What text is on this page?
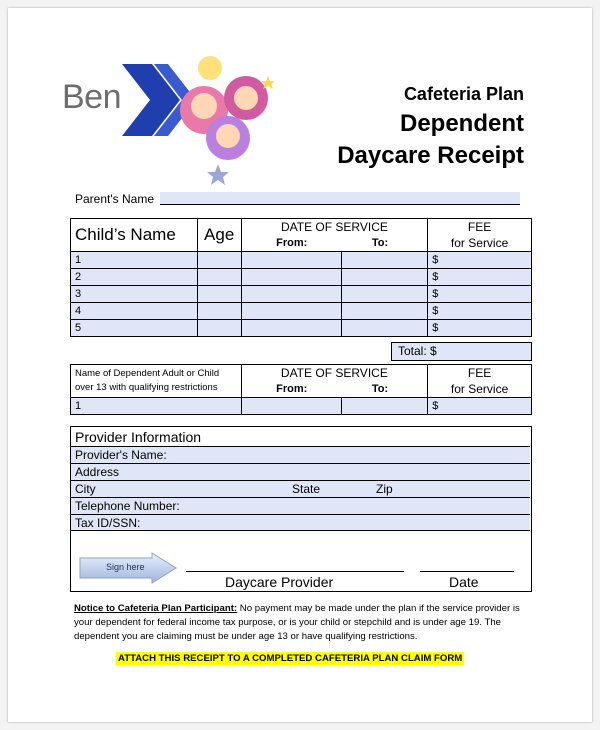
Ben	Cafeteria Plan
Dependent
Daycare Receipt
Parent's Name
Child’s Name	Age	DATE OF SERVICE		FEE
		From:	To:	for Service
1				$
2				$
3				$
4				$
5				$

Total: $
Name of Dependent Adult or Child over 13 with qualifying restrictions	DATE OF SERVICE		FEE
	From:	To:	for Service
1			$
Provider Information
Provider's Name:
Address
City	State	Zip
Telephone Number:
Tax ID/SSN:
Sign here
Daycare Provider	Date
Notice to Cafeteria Plan Participant: No payment may be made under the plan if the service provider is your dependent for federal income tax purpose, or is your child or stepchild and is under age 19. The dependent you are claiming must be under age 13 or have qualifying restrictions.
ATTACH THIS RECEIPT TO A COMPLETED CAFETERIA PLAN CLAIM FORM
